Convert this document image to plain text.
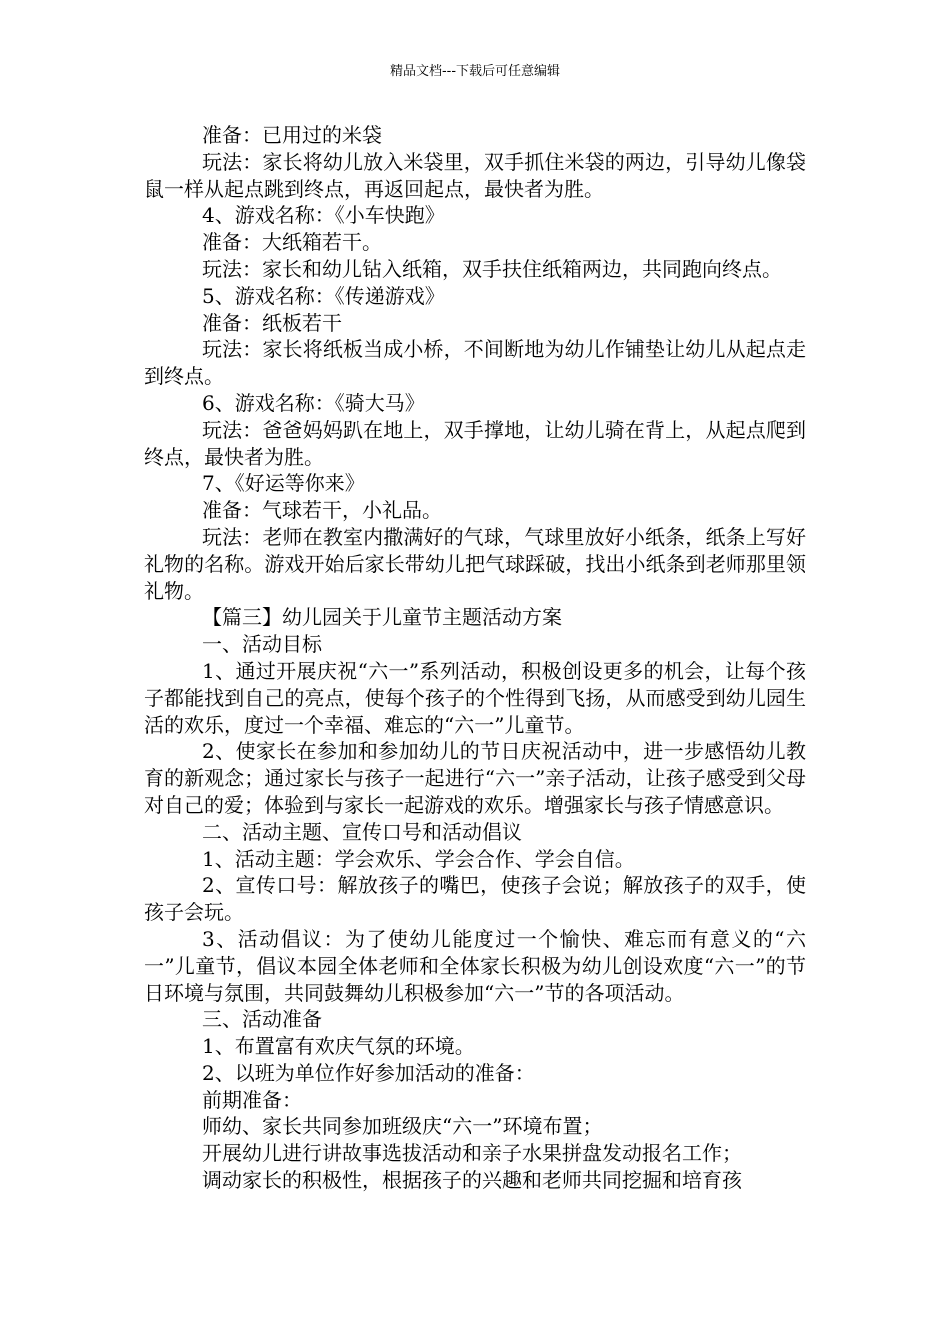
精品文档---下载后可任意编辑

准备：已用过的米袋

玩法：家长将幼儿放入米袋里，双手抓住米袋的两边，引导幼儿像袋鼠一样从起点跳到终点，再返回起点，最快者为胜。

4、游戏名称：《小车快跑》

准备：大纸箱若干。

玩法：家长和幼儿钻入纸箱，双手扶住纸箱两边，共同跑向终点。

5、游戏名称：《传递游戏》

准备：纸板若干

玩法：家长将纸板当成小桥，不间断地为幼儿作铺垫让幼儿从起点走到终点。

6、游戏名称：《骑大马》

玩法：爸爸妈妈趴在地上，双手撑地，让幼儿骑在背上，从起点爬到终点，最快者为胜。

7、《好运等你来》

准备：气球若干，小礼品。

玩法：老师在教室内撒满好的气球，气球里放好小纸条，纸条上写好礼物的名称。游戏开始后家长带幼儿把气球踩破，找出小纸条到老师那里领礼物。

【篇三】幼儿园关于儿童节主题活动方案

一、活动目标

1、通过开展庆祝“六一”系列活动，积极创设更多的机会，让每个孩子都能找到自己的亮点，使每个孩子的个性得到飞扬，从而感受到幼儿园生活的欢乐，度过一个幸福、难忘的“六一”儿童节。

2、使家长在参加和参加幼儿的节日庆祝活动中，进一步感悟幼儿教育的新观念；通过家长与孩子一起进行“六一”亲子活动，让孩子感受到父母对自己的爱；体验到与家长一起游戏的欢乐。增强家长与孩子情感意识。

二、活动主题、宣传口号和活动倡议

1、活动主题：学会欢乐、学会合作、学会自信。

2、宣传口号：解放孩子的嘴巴，使孩子会说；解放孩子的双手，使孩子会玩。

3、活动倡议：为了使幼儿能度过一个愉快、难忘而有意义的“六一”儿童节，倡议本园全体老师和全体家长积极为幼儿创设欢度“六一”的节日环境与氛围，共同鼓舞幼儿积极参加“六一”节的各项活动。

三、活动准备

1、布置富有欢庆气氛的环境。

2、以班为单位作好参加活动的准备：

前期准备：

师幼、家长共同参加班级庆“六一”环境布置；

开展幼儿进行讲故事选拔活动和亲子水果拼盘发动报名工作；

调动家长的积极性，根据孩子的兴趣和老师共同挖掘和培育孩
